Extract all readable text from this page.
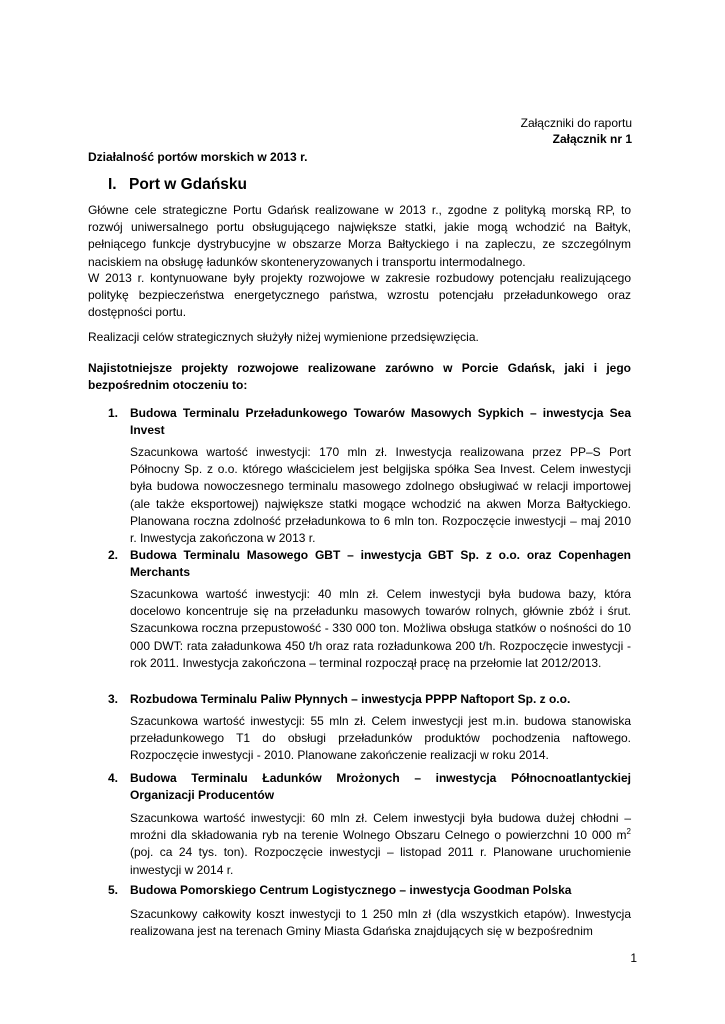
Załączniki do raportu
Załącznik nr 1
Działalność portów morskich w 2013 r.
I. Port w Gdańsku
Główne cele strategiczne Portu Gdańsk realizowane w 2013 r., zgodne z polityką morską RP, to rozwój uniwersalnego portu obsługującego największe statki, jakie mogą wchodzić na Bałtyk, pełniącego funkcje dystrybucyjne w obszarze Morza Bałtyckiego i na zapleczu, ze szczególnym naciskiem na obsługę ładunków skonteneryzowanych i transportu intermodalnego.
W 2013 r. kontynuowane były projekty rozwojowe w zakresie rozbudowy potencjału realizującego politykę bezpieczeństwa energetycznego państwa, wzrostu potencjału przeładunkowego oraz dostępności portu.
Realizacji celów strategicznych służyły niżej wymienione przedsięwzięcia.
Najistotniejsze projekty rozwojowe realizowane zarówno w Porcie Gdańsk, jaki i jego bezpośrednim otoczeniu to:
1. Budowa Terminalu Przeładunkowego Towarów Masowych Sypkich – inwestycja Sea Invest
Szacunkowa wartość inwestycji: 170 mln zł. Inwestycja realizowana przez PP–S Port Północny Sp. z o.o. którego właścicielem jest belgijska spółka Sea Invest. Celem inwestycji była budowa nowoczesnego terminalu masowego zdolnego obsługiwać w relacji importowej (ale także eksportowej) największe statki mogące wchodzić na akwen Morza Bałtyckiego. Planowana roczna zdolność przeładunkowa to 6 mln ton. Rozpoczęcie inwestycji – maj 2010 r. Inwestycja zakończona w 2013 r.
2. Budowa Terminalu Masowego GBT – inwestycja GBT Sp. z o.o. oraz Copenhagen Merchants
Szacunkowa wartość inwestycji: 40 mln zł. Celem inwestycji była budowa bazy, która docelowo koncentruje się na przeładunku masowych towarów rolnych, głównie zbóż i śrut. Szacunkowa roczna przepustowość - 330 000 ton. Możliwa obsługa statków o nośności do 10 000 DWT: rata załadunkowa 450 t/h oraz rata rozładunkowa 200 t/h. Rozpoczęcie inwestycji - rok 2011. Inwestycja zakończona – terminal rozpoczął pracę na przełomie lat 2012/2013.
3. Rozbudowa Terminalu Paliw Płynnych – inwestycja PPPP Naftoport Sp. z o.o.
Szacunkowa wartość inwestycji: 55 mln zł. Celem inwestycji jest m.in. budowa stanowiska przeładunkowego T1 do obsługi przeładunków produktów pochodzenia naftowego. Rozpoczęcie inwestycji - 2010. Planowane zakończenie realizacji w roku 2014.
4. Budowa Terminalu Ładunków Mrożonych – inwestycja Północnoatlantyckiej Organizacji Producentów
Szacunkowa wartość inwestycji: 60 mln zł. Celem inwestycji była budowa dużej chłodni – mroźni dla składowania ryb na terenie Wolnego Obszaru Celnego o powierzchni 10 000 $m^2$ (poj. ca 24 tys. ton). Rozpoczęcie inwestycji – listopad 2011 r. Planowane uruchomienie inwestycji w 2014 r.
5. Budowa Pomorskiego Centrum Logistycznego – inwestycja Goodman Polska
Szacunkowy całkowity koszt inwestycji to 1 250 mln zł (dla wszystkich etapów). Inwestycja realizowana jest na terenach Gminy Miasta Gdańska znajdujących się w bezpośrednim
1
